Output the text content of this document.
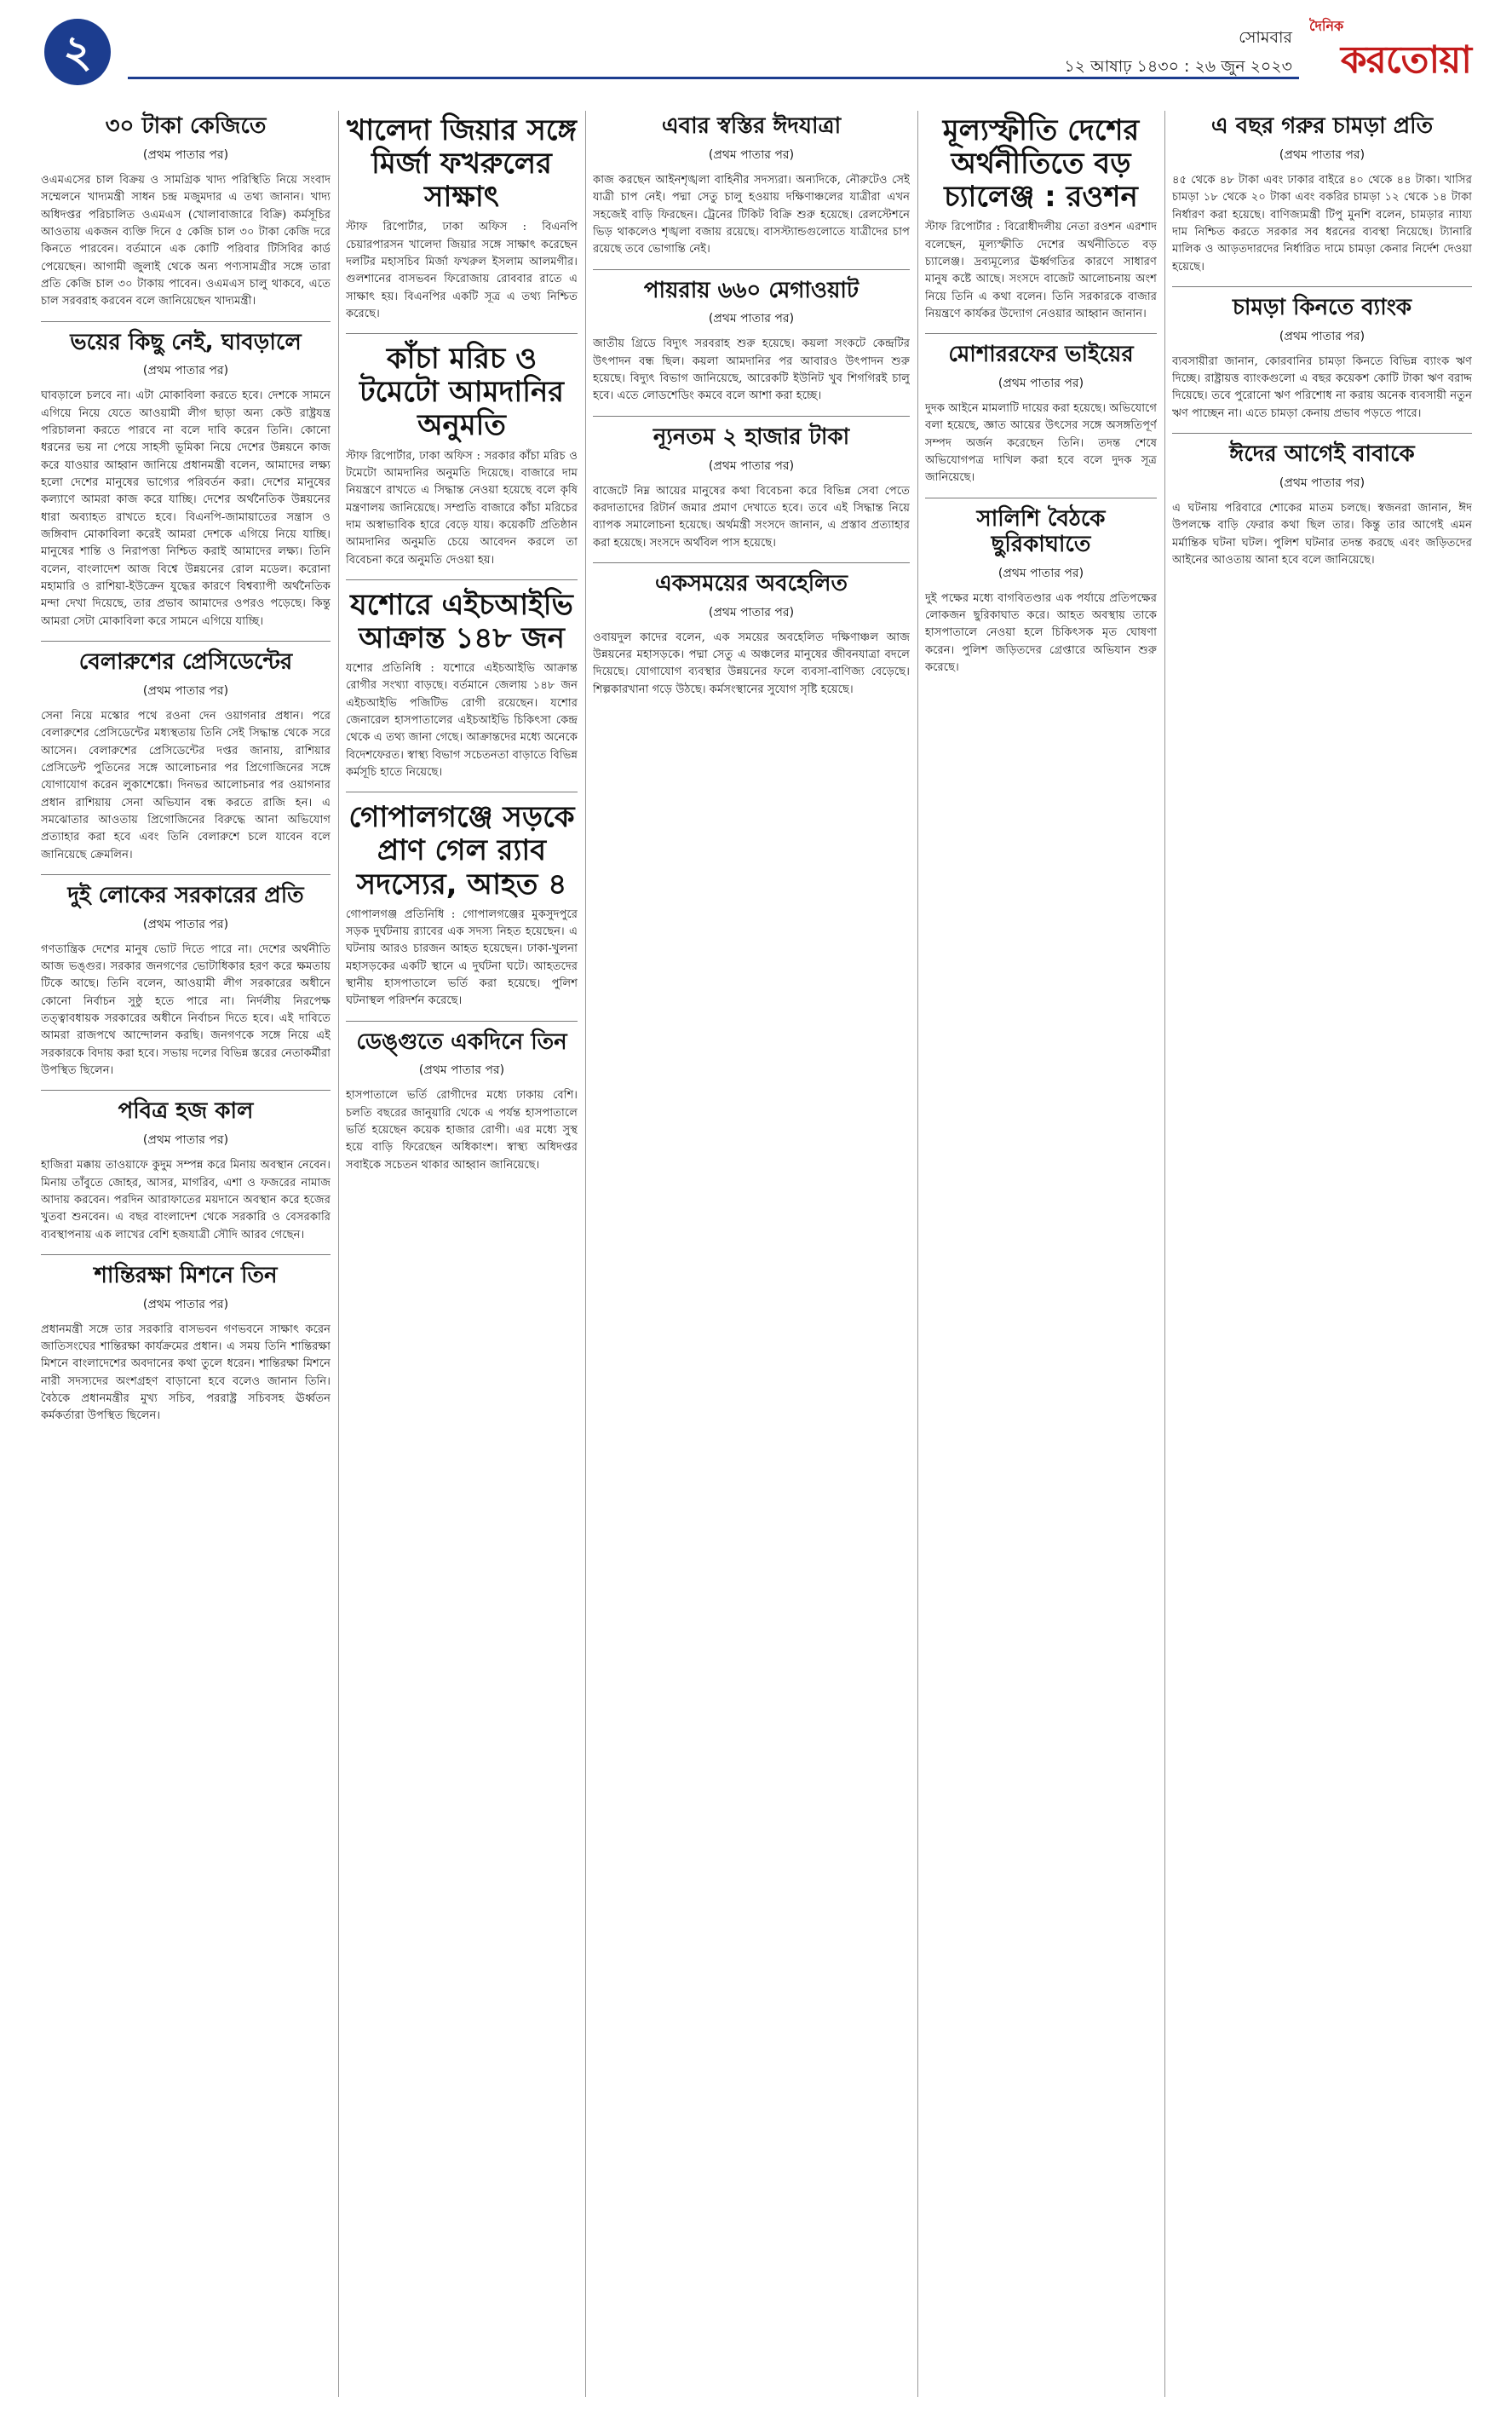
২	সোমবার
১২ আষাঢ় ১৪৩০ : ২৬ জুন ২০২৩
দৈনিক
করতোয়া
৩০ টাকা কেজিতে
(প্রথম পাতার পর)

ওএমএসের চাল বিক্রয় ও সামগ্রিক খাদ্য পরিস্থিতি নিয়ে সংবাদ সম্মেলনে খাদ্যমন্ত্রী সাধন চন্দ্র মজুমদার এ তথ্য জানান। খাদ্য অধিদপ্তর পরিচালিত ওএমএস (খোলাবাজারে বিক্রি) কর্মসূচির আওতায় একজন ব্যক্তি দিনে ৫ কেজি চাল ৩০ টাকা কেজি দরে কিনতে পারবেন। বর্তমানে এক কোটি পরিবার টিসিবির কার্ড পেয়েছেন। আগামী জুলাই থেকে অন্য পণ্যসামগ্রীর সঙ্গে তারা প্রতি কেজি চাল ৩০ টাকায় পাবেন। ওএমএস চালু থাকবে, এতে চাল সরবরাহ করবেন বলে জানিয়েছেন খাদ্যমন্ত্রী।

ভয়ের কিছু নেই, ঘাবড়ালে
(প্রথম পাতার পর)

ঘাবড়ালে চলবে না। এটা মোকাবিলা করতে হবে। দেশকে সামনে এগিয়ে নিয়ে যেতে আওয়ামী লীগ ছাড়া অন্য কেউ রাষ্ট্রযন্ত্র পরিচালনা করতে পারবে না বলে দাবি করেন তিনি। কোনো ধরনের ভয় না পেয়ে সাহসী ভূমিকা নিয়ে দেশের উন্নয়নে কাজ করে যাওয়ার আহ্বান জানিয়ে প্রধানমন্ত্রী বলেন, আমাদের লক্ষ্য হলো দেশের মানুষের ভাগ্যের পরিবর্তন করা। দেশের মানুষের কল্যাণে আমরা কাজ করে যাচ্ছি। দেশের অর্থনৈতিক উন্নয়নের ধারা অব্যাহত রাখতে হবে। বিএনপি-জামায়াতের সন্ত্রাস ও জঙ্গিবাদ মোকাবিলা করেই আমরা দেশকে এগিয়ে নিয়ে যাচ্ছি। মানুষের শান্তি ও নিরাপত্তা নিশ্চিত করাই আমাদের লক্ষ্য। তিনি বলেন, বাংলাদেশ আজ বিশ্বে উন্নয়নের রোল মডেল। করোনা মহামারি ও রাশিয়া-ইউক্রেন যুদ্ধের কারণে বিশ্বব্যাপী অর্থনৈতিক মন্দা দেখা দিয়েছে, তার প্রভাব আমাদের ওপরও পড়েছে। কিন্তু আমরা সেটা মোকাবিলা করে সামনে এগিয়ে যাচ্ছি।

বেলারুশের প্রেসিডেন্টের
(প্রথম পাতার পর)

সেনা নিয়ে মস্কোর পথে রওনা দেন ওয়াগনার প্রধান। পরে বেলারুশের প্রেসিডেন্টের মধ্যস্থতায় তিনি সেই সিদ্ধান্ত থেকে সরে আসেন। বেলারুশের প্রেসিডেন্টের দপ্তর জানায়, রাশিয়ার প্রেসিডেন্ট পুতিনের সঙ্গে আলোচনার পর প্রিগোজিনের সঙ্গে যোগাযোগ করেন লুকাশেঙ্কো। দিনভর আলোচনার পর ওয়াগনার প্রধান রাশিয়ায় সেনা অভিযান বন্ধ করতে রাজি হন। এ সমঝোতার আওতায় প্রিগোজিনের বিরুদ্ধে আনা অভিযোগ প্রত্যাহার করা হবে এবং তিনি বেলারুশে চলে যাবেন বলে জানিয়েছে ক্রেমলিন।

দুই লোকের সরকারের প্রতি
(প্রথম পাতার পর)

গণতান্ত্রিক দেশের মানুষ ভোট দিতে পারে না। দেশের অর্থনীতি আজ ভঙ্গুর। সরকার জনগণের ভোটাধিকার হরণ করে ক্ষমতায় টিকে আছে। তিনি বলেন, আওয়ামী লীগ সরকারের অধীনে কোনো নির্বাচন সুষ্ঠু হতে পারে না। নির্দলীয় নিরপেক্ষ তত্ত্বাবধায়ক সরকারের অধীনে নির্বাচন দিতে হবে। এই দাবিতে আমরা রাজপথে আন্দোলন করছি। জনগণকে সঙ্গে নিয়ে এই সরকারকে বিদায় করা হবে। সভায় দলের বিভিন্ন স্তরের নেতাকর্মীরা উপস্থিত ছিলেন।

পবিত্র হজ কাল
(প্রথম পাতার পর)

হাজিরা মক্কায় তাওয়াফে কুদুম সম্পন্ন করে মিনায় অবস্থান নেবেন। মিনায় তাঁবুতে জোহর, আসর, মাগরিব, এশা ও ফজরের নামাজ আদায় করবেন। পরদিন আরাফাতের ময়দানে অবস্থান করে হজের খুতবা শুনবেন। এ বছর বাংলাদেশ থেকে সরকারি ও বেসরকারি ব্যবস্থাপনায় এক লাখের বেশি হজযাত্রী সৌদি আরব গেছেন।

শান্তিরক্ষা মিশনে তিন
(প্রথম পাতার পর)

প্রধানমন্ত্রী সঙ্গে তার সরকারি বাসভবন গণভবনে সাক্ষাৎ করেন জাতিসংঘের শান্তিরক্ষা কার্যক্রমের প্রধান। এ সময় তিনি শান্তিরক্ষা মিশনে বাংলাদেশের অবদানের কথা তুলে ধরেন। শান্তিরক্ষা মিশনে নারী সদস্যদের অংশগ্রহণ বাড়ানো হবে বলেও জানান তিনি। বৈঠকে প্রধানমন্ত্রীর মুখ্য সচিব, পররাষ্ট্র সচিবসহ ঊর্ধ্বতন কর্মকর্তারা উপস্থিত ছিলেন।

খালেদা জিয়ার সঙ্গে মির্জা ফখরুলের সাক্ষাৎ

স্টাফ রিপোর্টার, ঢাকা অফিস : বিএনপি চেয়ারপারসন খালেদা জিয়ার সঙ্গে সাক্ষাৎ করেছেন দলটির মহাসচিব মির্জা ফখরুল ইসলাম আলমগীর। গুলশানের বাসভবন ফিরোজায় রোববার রাতে এ সাক্ষাৎ হয়। বিএনপির একটি সূত্র এ তথ্য নিশ্চিত করেছে।

কাঁচা মরিচ ও টমেটো আমদানির অনুমতি

স্টাফ রিপোর্টার, ঢাকা অফিস : সরকার কাঁচা মরিচ ও টমেটো আমদানির অনুমতি দিয়েছে। বাজারে দাম নিয়ন্ত্রণে রাখতে এ সিদ্ধান্ত নেওয়া হয়েছে বলে কৃষি মন্ত্রণালয় জানিয়েছে। সম্প্রতি বাজারে কাঁচা মরিচের দাম অস্বাভাবিক হারে বেড়ে যায়। কয়েকটি প্রতিষ্ঠান আমদানির অনুমতি চেয়ে আবেদন করলে তা বিবেচনা করে অনুমতি দেওয়া হয়।

যশোরে এইচআইভি আক্রান্ত ১৪৮ জন

যশোর প্রতিনিধি : যশোরে এইচআইভি আক্রান্ত রোগীর সংখ্যা বাড়ছে। বর্তমানে জেলায় ১৪৮ জন এইচআইভি পজিটিভ রোগী রয়েছেন। যশোর জেনারেল হাসপাতালের এইচআইভি চিকিৎসা কেন্দ্র থেকে এ তথ্য জানা গেছে। আক্রান্তদের মধ্যে অনেকে বিদেশফেরত। স্বাস্থ্য বিভাগ সচেতনতা বাড়াতে বিভিন্ন কর্মসূচি হাতে নিয়েছে।

গোপালগঞ্জে সড়কে প্রাণ গেল র‍্যাব সদস্যের, আহত ৪

গোপালগঞ্জ প্রতিনিধি : গোপালগঞ্জের মুকসুদপুরে সড়ক দুর্ঘটনায় র‍্যাবের এক সদস্য নিহত হয়েছেন। এ ঘটনায় আরও চারজন আহত হয়েছেন। ঢাকা-খুলনা মহাসড়কের একটি স্থানে এ দুর্ঘটনা ঘটে। আহতদের স্থানীয় হাসপাতালে ভর্তি করা হয়েছে। পুলিশ ঘটনাস্থল পরিদর্শন করেছে।

ডেঙ্গুতে একদিনে তিন
(প্রথম পাতার পর)

হাসপাতালে ভর্তি রোগীদের মধ্যে ঢাকায় বেশি। চলতি বছরের জানুয়ারি থেকে এ পর্যন্ত হাসপাতালে ভর্তি হয়েছেন কয়েক হাজার রোগী। এর মধ্যে সুস্থ হয়ে বাড়ি ফিরেছেন অধিকাংশ। স্বাস্থ্য অধিদপ্তর সবাইকে সচেতন থাকার আহ্বান জানিয়েছে।

এবার স্বস্তির ঈদযাত্রা
(প্রথম পাতার পর)

কাজ করছেন আইনশৃঙ্খলা বাহিনীর সদস্যরা। অন্যদিকে, নৌরুটেও সেই যাত্রী চাপ নেই। পদ্মা সেতু চালু হওয়ায় দক্ষিণাঞ্চলের যাত্রীরা এখন সহজেই বাড়ি ফিরছেন। ট্রেনের টিকিট বিক্রি শুরু হয়েছে। রেলস্টেশনে ভিড় থাকলেও শৃঙ্খলা বজায় রয়েছে। বাসস্ট্যান্ডগুলোতে যাত্রীদের চাপ রয়েছে তবে ভোগান্তি নেই।

পায়রায় ৬৬০ মেগাওয়াট
(প্রথম পাতার পর)

জাতীয় গ্রিডে বিদ্যুৎ সরবরাহ শুরু হয়েছে। কয়লা সংকটে কেন্দ্রটির উৎপাদন বন্ধ ছিল। কয়লা আমদানির পর আবারও উৎপাদন শুরু হয়েছে। বিদ্যুৎ বিভাগ জানিয়েছে, আরেকটি ইউনিট খুব শিগগিরই চালু হবে। এতে লোডশেডিং কমবে বলে আশা করা হচ্ছে।

ন্যূনতম ২ হাজার টাকা
(প্রথম পাতার পর)

বাজেটে নিম্ন আয়ের মানুষের কথা বিবেচনা করে বিভিন্ন সেবা পেতে করদাতাদের রিটার্ন জমার প্রমাণ দেখাতে হবে। তবে এই সিদ্ধান্ত নিয়ে ব্যাপক সমালোচনা হয়েছে। অর্থমন্ত্রী সংসদে জানান, এ প্রস্তাব প্রত্যাহার করা হয়েছে। সংসদে অর্থবিল পাস হয়েছে।

একসময়ের অবহেলিত
(প্রথম পাতার পর)

ওবায়দুল কাদের বলেন, এক সময়ের অবহেলিত দক্ষিণাঞ্চল আজ উন্নয়নের মহাসড়কে। পদ্মা সেতু এ অঞ্চলের মানুষের জীবনযাত্রা বদলে দিয়েছে। যোগাযোগ ব্যবস্থার উন্নয়নের ফলে ব্যবসা-বাণিজ্য বেড়েছে। শিল্পকারখানা গড়ে উঠছে। কর্মসংস্থানের সুযোগ সৃষ্টি হয়েছে।

মূল্যস্ফীতি দেশের অর্থনীতিতে বড় চ্যালেঞ্জ : রওশন

স্টাফ রিপোর্টার : বিরোধীদলীয় নেতা রওশন এরশাদ বলেছেন, মূল্যস্ফীতি দেশের অর্থনীতিতে বড় চ্যালেঞ্জ। দ্রব্যমূল্যের ঊর্ধ্বগতির কারণে সাধারণ মানুষ কষ্টে আছে। সংসদে বাজেট আলোচনায় অংশ নিয়ে তিনি এ কথা বলেন। তিনি সরকারকে বাজার নিয়ন্ত্রণে কার্যকর উদ্যোগ নেওয়ার আহ্বান জানান।

মোশাররফের ভাইয়ের
(প্রথম পাতার পর)

দুদক আইনে মামলাটি দায়ের করা হয়েছে। অভিযোগে বলা হয়েছে, জ্ঞাত আয়ের উৎসের সঙ্গে অসঙ্গতিপূর্ণ সম্পদ অর্জন করেছেন তিনি। তদন্ত শেষে অভিযোগপত্র দাখিল করা হবে বলে দুদক সূত্র জানিয়েছে।

সালিশি বৈঠকে ছুরিকাঘাতে
(প্রথম পাতার পর)

দুই পক্ষের মধ্যে বাগবিতণ্ডার এক পর্যায়ে প্রতিপক্ষের লোকজন ছুরিকাঘাত করে। আহত অবস্থায় তাকে হাসপাতালে নেওয়া হলে চিকিৎসক মৃত ঘোষণা করেন। পুলিশ জড়িতদের গ্রেপ্তারে অভিযান শুরু করেছে।

এ বছর গরুর চামড়া প্রতি
(প্রথম পাতার পর)

৪৫ থেকে ৪৮ টাকা এবং ঢাকার বাইরে ৪০ থেকে ৪৪ টাকা। খাসির চামড়া ১৮ থেকে ২০ টাকা এবং বকরির চামড়া ১২ থেকে ১৪ টাকা নির্ধারণ করা হয়েছে। বাণিজ্যমন্ত্রী টিপু মুনশি বলেন, চামড়ার ন্যায্য দাম নিশ্চিত করতে সরকার সব ধরনের ব্যবস্থা নিয়েছে। ট্যানারি মালিক ও আড়তদারদের নির্ধারিত দামে চামড়া কেনার নির্দেশ দেওয়া হয়েছে।

চামড়া কিনতে ব্যাংক
(প্রথম পাতার পর)

ব্যবসায়ীরা জানান, কোরবানির চামড়া কিনতে বিভিন্ন ব্যাংক ঋণ দিচ্ছে। রাষ্ট্রায়ত্ত ব্যাংকগুলো এ বছর কয়েকশ কোটি টাকা ঋণ বরাদ্দ দিয়েছে। তবে পুরোনো ঋণ পরিশোধ না করায় অনেক ব্যবসায়ী নতুন ঋণ পাচ্ছেন না। এতে চামড়া কেনায় প্রভাব পড়তে পারে।

ঈদের আগেই বাবাকে
(প্রথম পাতার পর)

এ ঘটনায় পরিবারে শোকের মাতম চলছে। স্বজনরা জানান, ঈদ উপলক্ষে বাড়ি ফেরার কথা ছিল তার। কিন্তু তার আগেই এমন মর্মান্তিক ঘটনা ঘটল। পুলিশ ঘটনার তদন্ত করছে এবং জড়িতদের আইনের আওতায় আনা হবে বলে জানিয়েছে।
